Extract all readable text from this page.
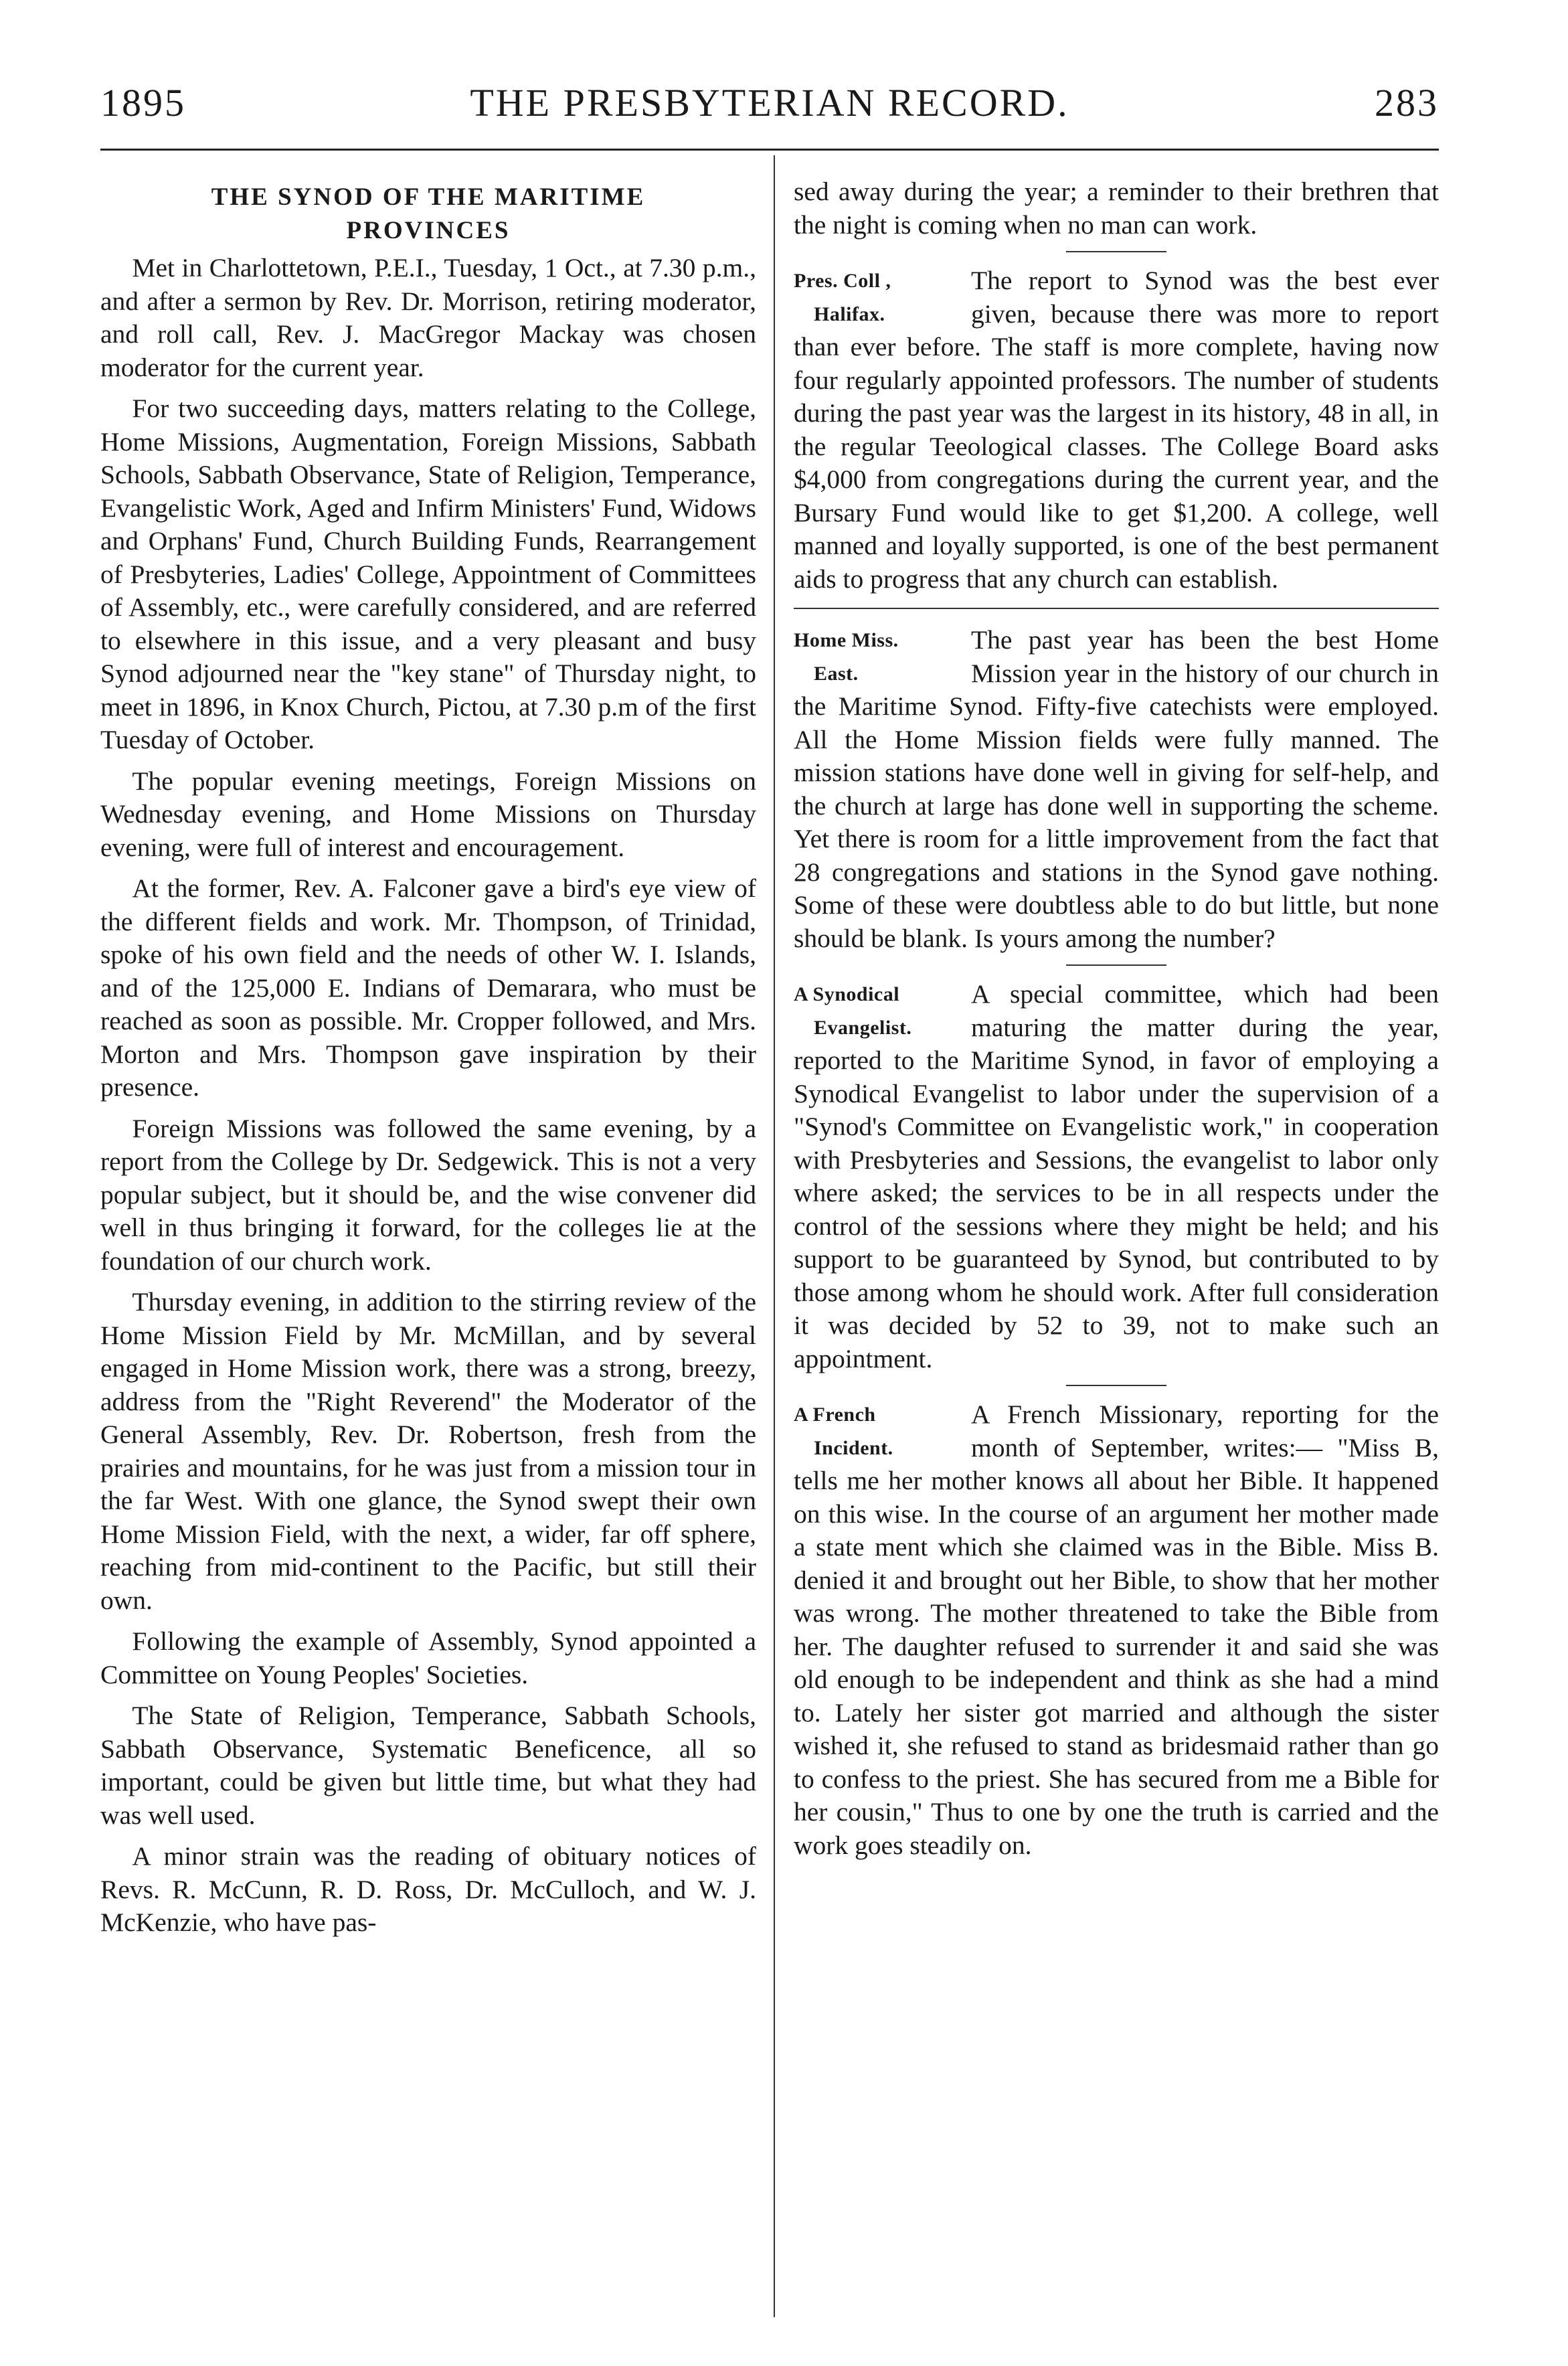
THE PRESBYTERIAN RECORD.
1895	283
THE SYNOD OF THE MARITIME
PROVINCES

Met in Charlottetown, P.E.I., Tuesday, 1 Oct., at 7.30 p.m., and after a sermon by Rev. Dr. Morrison, retiring moderator, and roll call, Rev. J. MacGregor Mackay was chosen moderator for the current year.

For two succeeding days, matters relating to the College, Home Missions, Augmentation, Foreign Missions, Sabbath Schools, Sabbath Observance, State of Religion, Temperance, Evangelistic Work, Aged and Infirm Ministers' Fund, Widows and Orphans' Fund, Church Building Funds, Rearrangement of Presbyteries, Ladies' College, Appointment of Committees of Assembly, etc., were carefully considered, and are referred to elsewhere in this issue, and a very pleasant and busy Synod adjourned near the "key stane" of Thursday night, to meet in 1896, in Knox Church, Pictou, at 7.30 p.m of the first Tuesday of October.

The popular evening meetings, Foreign Missions on Wednesday evening, and Home Missions on Thursday evening, were full of interest and encouragement.

At the former, Rev. A. Falconer gave a bird's eye view of the different fields and work. Mr. Thompson, of Trinidad, spoke of his own field and the needs of other W. I. Islands, and of the 125,000 E. Indians of Demarara, who must be reached as soon as possible. Mr. Cropper followed, and Mrs. Morton and Mrs. Thompson gave inspiration by their presence.

Foreign Missions was followed the same evening, by a report from the College by Dr. Sedgewick. This is not a very popular subject, but it should be, and the wise convener did well in thus bringing it forward, for the colleges lie at the foundation of our church work.

Thursday evening, in addition to the stirring review of the Home Mission Field by Mr. McMillan, and by several engaged in Home Mission work, there was a strong, breezy, address from the "Right Reverend" the Moderator of the General Assembly, Rev. Dr. Robertson, fresh from the prairies and mountains, for he was just from a mission tour in the far West. With one glance, the Synod swept their own Home Mission Field, with the next, a wider, far off sphere, reaching from mid-continent to the Pacific, but still their own.

Following the example of Assembly, Synod appointed a Committee on Young Peoples' Societies.

The State of Religion, Temperance, Sabbath Schools, Sabbath Observance, Systematic Beneficence, all so important, could be given but little time, but what they had was well used.

A minor strain was the reading of obituary notices of Revs. R. McCunn, R. D. Ross, Dr. McCulloch, and W. J. McKenzie, who have pas-

sed away during the year; a reminder to their brethren that the night is coming when no man can work.

Pres. Coll ,
Halifax.

The report to Synod was the best ever given, because there was more to report than ever before. The staff is more complete, having now four regularly appointed professors. The number of students during the past year was the largest in its history, 48 in all, in the regular Teeological classes. The College Board asks $4,000 from congregations during the current year, and the Bursary Fund would like to get $1,200. A college, well manned and loyally supported, is one of the best permanent aids to progress that any church can establish.

Home Miss.
East.

The past year has been the best Home Mission year in the history of our church in the Maritime Synod. Fifty-five catechists were employed. All the Home Mission fields were fully manned. The mission stations have done well in giving for self-help, and the church at large has done well in supporting the scheme. Yet there is room for a little improvement from the fact that 28 congregations and stations in the Synod gave nothing. Some of these were doubtless able to do but little, but none should be blank. Is yours among the number?

A Synodical
Evangelist.

A special committee, which had been maturing the matter during the year, reported to the Maritime Synod, in favor of employing a Synodical Evangelist to labor under the supervision of a "Synod's Committee on Evangelistic work," in cooperation with Presbyteries and Sessions, the evangelist to labor only where asked; the services to be in all respects under the control of the sessions where they might be held; and his support to be guaranteed by Synod, but contributed to by those among whom he should work. After full consideration it was decided by 52 to 39, not to make such an appointment.

A French
Incident.

A French Missionary, reporting for the month of September, writes:— "Miss B, tells me her mother knows all about her Bible. It happened on this wise. In the course of an argument her mother made a state ment which she claimed was in the Bible. Miss B. denied it and brought out her Bible, to show that her mother was wrong. The mother threatened to take the Bible from her. The daughter refused to surrender it and said she was old enough to be independent and think as she had a mind to. Lately her sister got married and although the sister wished it, she refused to stand as bridesmaid rather than go to confess to the priest. She has secured from me a Bible for her cousin," Thus to one by one the truth is carried and the work goes steadily on.
